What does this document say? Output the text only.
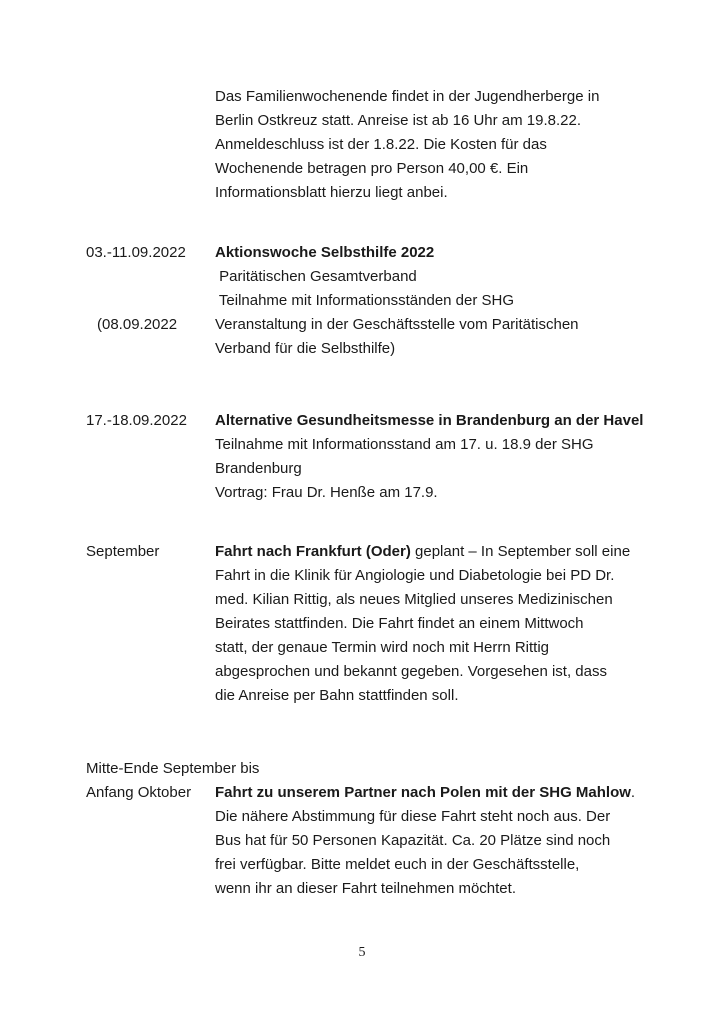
Das Familienwochenende findet in der Jugendherberge in
Berlin Ostkreuz statt. Anreise ist ab 16 Uhr am 19.8.22.
Anmeldeschluss ist der 1.8.22. Die Kosten für das
Wochenende betragen pro Person 40,00 €. Ein
Informationsblatt hierzu liegt anbei.
03.-11.09.2022 Aktionswoche Selbsthilfe 2022
Paritätischen Gesamtverband
Teilnahme mit Informationsständen der SHG
(08.09.2022	Veranstaltung in der Geschäftsstelle vom Paritätischen
Verband für die Selbsthilfe)
17.-18.09.2022 Alternative Gesundheitsmesse in Brandenburg an der Havel
Teilnahme mit Informationsstand am 17. u. 18.9 der SHG
Brandenburg
Vortrag: Frau Dr. Henße am 17.9.
September	Fahrt nach Frankfurt (Oder) geplant – In September soll eine
Fahrt in die Klinik für Angiologie und Diabetologie bei PD Dr.
med. Kilian Rittig, als neues Mitglied unseres Medizinischen
Beirates stattfinden. Die Fahrt findet an einem Mittwoch
statt, der genaue Termin wird noch mit Herrn Rittig
abgesprochen und bekannt gegeben. Vorgesehen ist, dass
die Anreise per Bahn stattfinden soll.
Mitte-Ende September bis
Anfang Oktober Fahrt zu unserem Partner nach Polen mit der SHG Mahlow.
Die nähere Abstimmung für diese Fahrt steht noch aus. Der
Bus hat für 50 Personen Kapazität. Ca. 20 Plätze sind noch
frei verfügbar. Bitte meldet euch in der Geschäftsstelle,
wenn ihr an dieser Fahrt teilnehmen möchtet.
5
